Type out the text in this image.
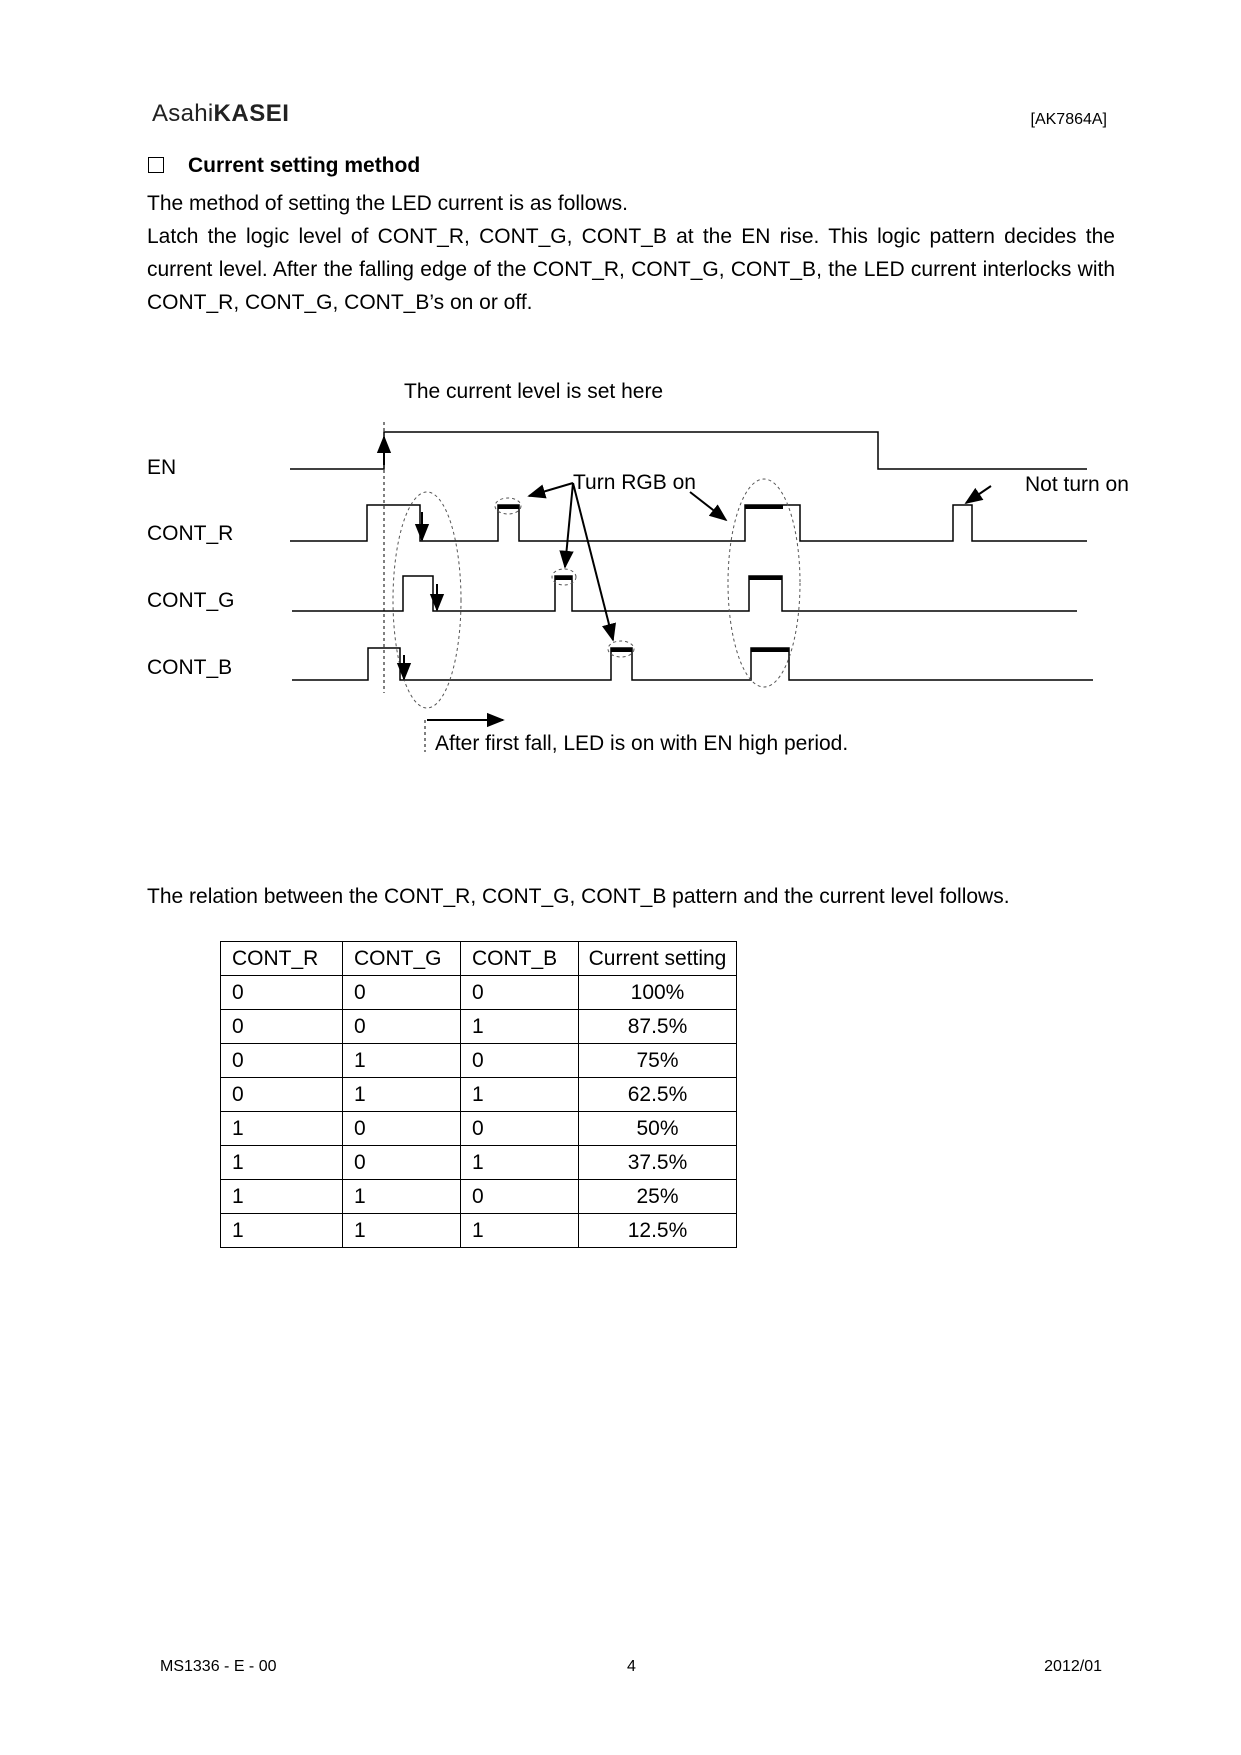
AsahiKASEI	[AK7864A]
Current setting method
The method of setting the LED current is as follows.
Latch the logic level of CONT_R, CONT_G, CONT_B at the EN rise. This logic pattern decides the current level. After the falling edge of the CONT_R, CONT_G, CONT_B, the LED current interlocks with CONT_R, CONT_G, CONT_B’s on or off.
The current level is set here
EN
CONT_R
CONT_G
CONT_B
Turn RGB on	Not turn on
After first fall, LED is on with EN high period.
The relation between the CONT_R, CONT_G, CONT_B pattern and the current level follows.
CONT_R	CONT_G	CONT_B	Current setting
0	0	0	100%
0	0	1	87.5%
0	1	0	75%
0	1	1	62.5%
1	0	0	50%
1	0	1	37.5%
1	1	0	25%
1	1	1	12.5%
MS1336 - E - 00	4	2012/01
